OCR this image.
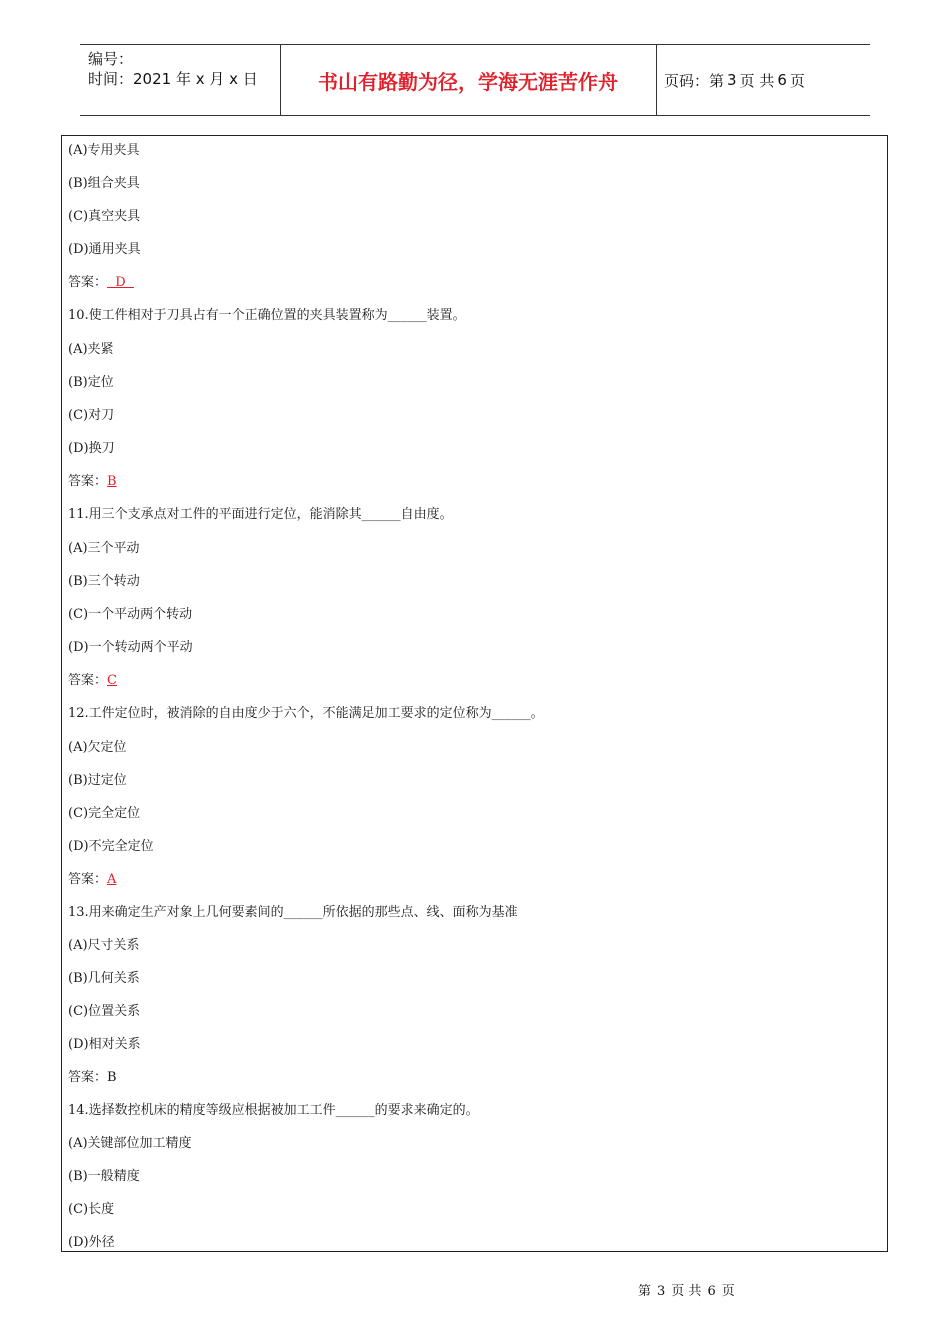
编号：
时间：2021 年 x 月 x 日	书山有路勤为径，学海无涯苦作舟	页码：第 3 页 共 6 页
(A)专用夹具
(B)组合夹具
(C)真空夹具
(D)通用夹具
答案：  D
10.使工件相对于刀具占有一个正确位置的夹具装置称为______装置。
(A)夹紧
(B)定位
(C)对刀
(D)换刀
答案：B
11.用三个支承点对工件的平面进行定位，能消除其______自由度。
(A)三个平动
(B)三个转动
(C)一个平动两个转动
(D)一个转动两个平动
答案：C
12.工件定位时，被消除的自由度少于六个，不能满足加工要求的定位称为______。
(A)欠定位
(B)过定位
(C)完全定位
(D)不完全定位
答案：A
13.用来确定生产对象上几何要素间的______所依据的那些点、线、面称为基准
(A)尺寸关系
(B)几何关系
(C)位置关系
(D)相对关系
答案：B
14.选择数控机床的精度等级应根据被加工工件______的要求来确定的。
(A)关键部位加工精度
(B)一般精度
(C)长度
(D)外径
第 3 页 共 6 页
